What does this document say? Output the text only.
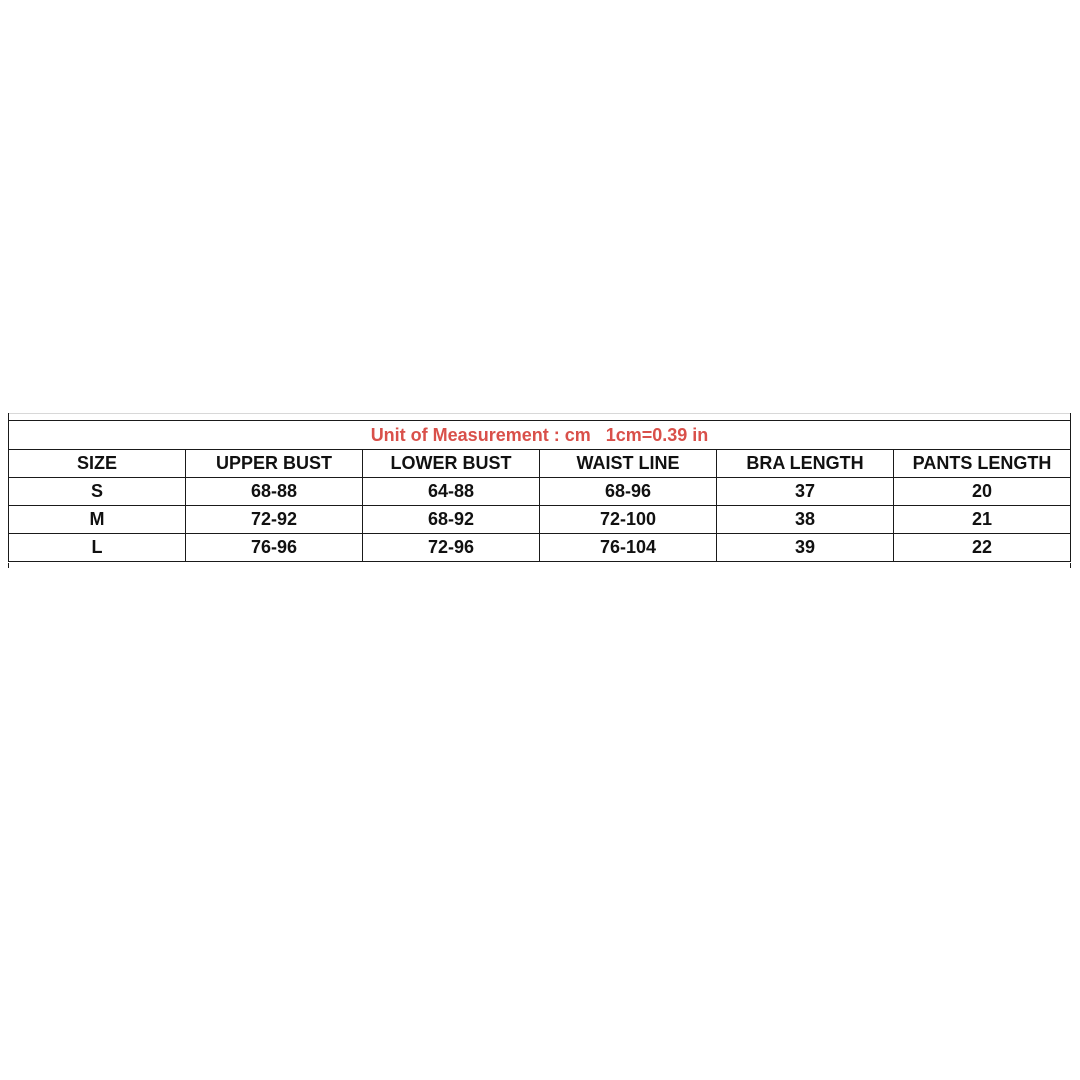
Unit of Measurement : cm   1cm=0.39 in					
SIZE	UPPER BUST	LOWER BUST	WAIST LINE	BRA LENGTH	PANTS LENGTH
S	68-88	64-88	68-96	37	20
M	72-92	68-92	72-100	38	21
L	76-96	72-96	76-104	39	22
